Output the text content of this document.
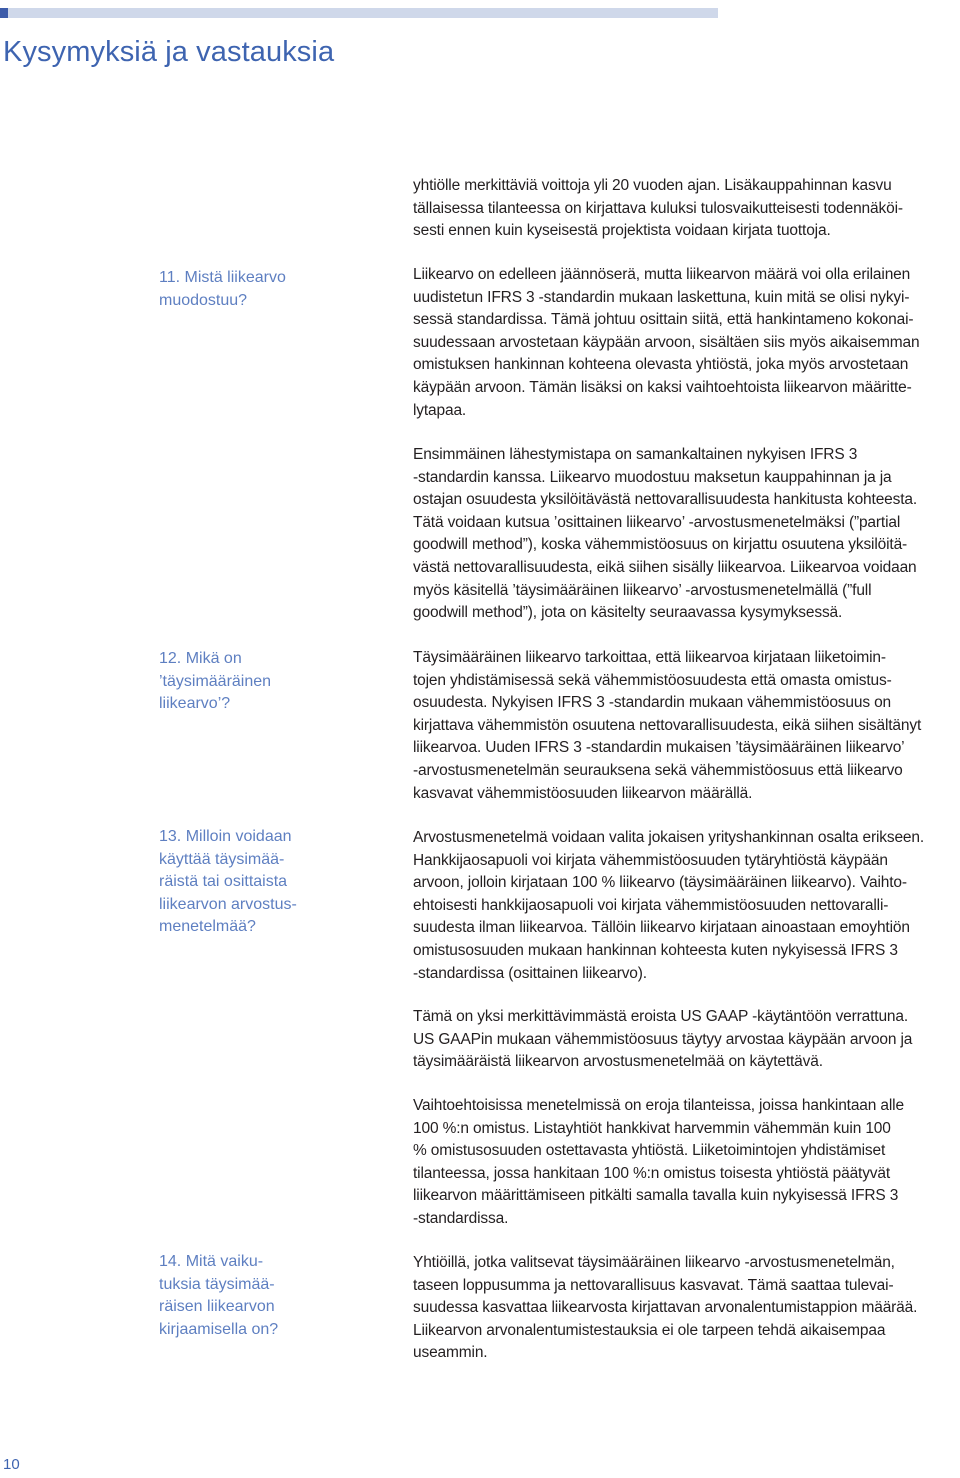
Kysymyksiä ja vastauksia
11. Mistä liikearvo
muodostuu?
12. Mikä on
’täysimääräinen
liikearvo’?
13. Milloin voidaan
käyttää täysimää-
räistä tai osittaista
liikearvon arvostus-
menetelmää?
14. Mitä vaiku-
tuksia täysimää-
räisen liikearvon
kirjaamisella on?

yhtiölle merkittäviä voittoja yli 20 vuoden ajan. Lisäkauppahinnan kasvu
tällaisessa tilanteessa on kirjattava kuluksi tulosvaikutteisesti todennäköi-
sesti ennen kuin kyseisestä projektista voidaan kirjata tuottoja.

Liikearvo on edelleen jäännöserä, mutta liikearvon määrä voi olla erilainen
uudistetun IFRS 3 -standardin mukaan laskettuna, kuin mitä se olisi nykyi-
sessä standardissa. Tämä johtuu osittain siitä, että hankintameno kokonai-
suudessaan arvostetaan käypään arvoon, sisältäen siis myös aikaisemman
omistuksen hankinnan kohteena olevasta yhtiöstä, joka myös arvostetaan
käypään arvoon. Tämän lisäksi on kaksi vaihtoehtoista liikearvon määritte-
lytapaa.

Ensimmäinen lähestymistapa on samankaltainen nykyisen IFRS 3
-standardin kanssa. Liikearvo muodostuu maksetun kauppahinnan ja ja
ostajan osuudesta yksilöitävästä nettovarallisuudesta hankitusta kohteesta.
Tätä voidaan kutsua ’osittainen liikearvo’ -arvostusmenetelmäksi (”partial
goodwill method”), koska vähemmistöosuus on kirjattu osuutena yksilöitä-
västä nettovarallisuudesta, eikä siihen sisälly liikearvoa. Liikearvoa voidaan
myös käsitellä ’täysimääräinen liikearvo’ -arvostusmenetelmällä (”full
goodwill method”), jota on käsitelty seuraavassa kysymyksessä.

Täysimääräinen liikearvo tarkoittaa, että liikearvoa kirjataan liiketoimin-
tojen yhdistämisessä sekä vähemmistöosuudesta että omasta omistus-
osuudesta. Nykyisen IFRS 3 -standardin mukaan vähemmistöosuus on
kirjattava vähemmistön osuutena nettovarallisuudesta, eikä siihen sisältänyt
liikearvoa. Uuden IFRS 3 -standardin mukaisen ’täysimääräinen liikearvo’
-arvostusmenetelmän seurauksena sekä vähemmistöosuus että liikearvo
kasvavat vähemmistöosuuden liikearvon määrällä.

Arvostusmenetelmä voidaan valita jokaisen yrityshankinnan osalta erikseen.
Hankkijaosapuoli voi kirjata vähemmistöosuuden tytäryhtiöstä käypään
arvoon, jolloin kirjataan 100 % liikearvo (täysimääräinen liikearvo). Vaihto-
ehtoisesti hankkijaosapuoli voi kirjata vähemmistöosuuden nettovaralli-
suudesta ilman liikearvoa. Tällöin liikearvo kirjataan ainoastaan emoyhtiön
omistusosuuden mukaan hankinnan kohteesta kuten nykyisessä IFRS 3
-standardissa (osittainen liikearvo).

Tämä on yksi merkittävimmästä eroista US GAAP -käytäntöön verrattuna.
US GAAPin mukaan vähemmistöosuus täytyy arvostaa käypään arvoon ja
täysimääräistä liikearvon arvostusmenetelmää on käytettävä.

Vaihtoehtoisissa menetelmissä on eroja tilanteissa, joissa hankintaan alle
100 %:n omistus. Listayhtiöt hankkivat harvemmin vähemmän kuin 100
% omistusosuuden ostettavasta yhtiöstä. Liiketoimintojen yhdistämiset
tilanteessa, jossa hankitaan 100 %:n omistus toisesta yhtiöstä päätyvät
liikearvon määrittämiseen pitkälti samalla tavalla kuin nykyisessä IFRS 3
-standardissa.

Yhtiöillä, jotka valitsevat täysimääräinen liikearvo -arvostusmenetelmän,
taseen loppusumma ja nettovarallisuus kasvavat. Tämä saattaa tulevai-
suudessa kasvattaa liikearvosta kirjattavan arvonalentumistappion määrää.
Liikearvon arvonalentumistestauksia ei ole tarpeen tehdä aikaisempaa
useammin.

10
